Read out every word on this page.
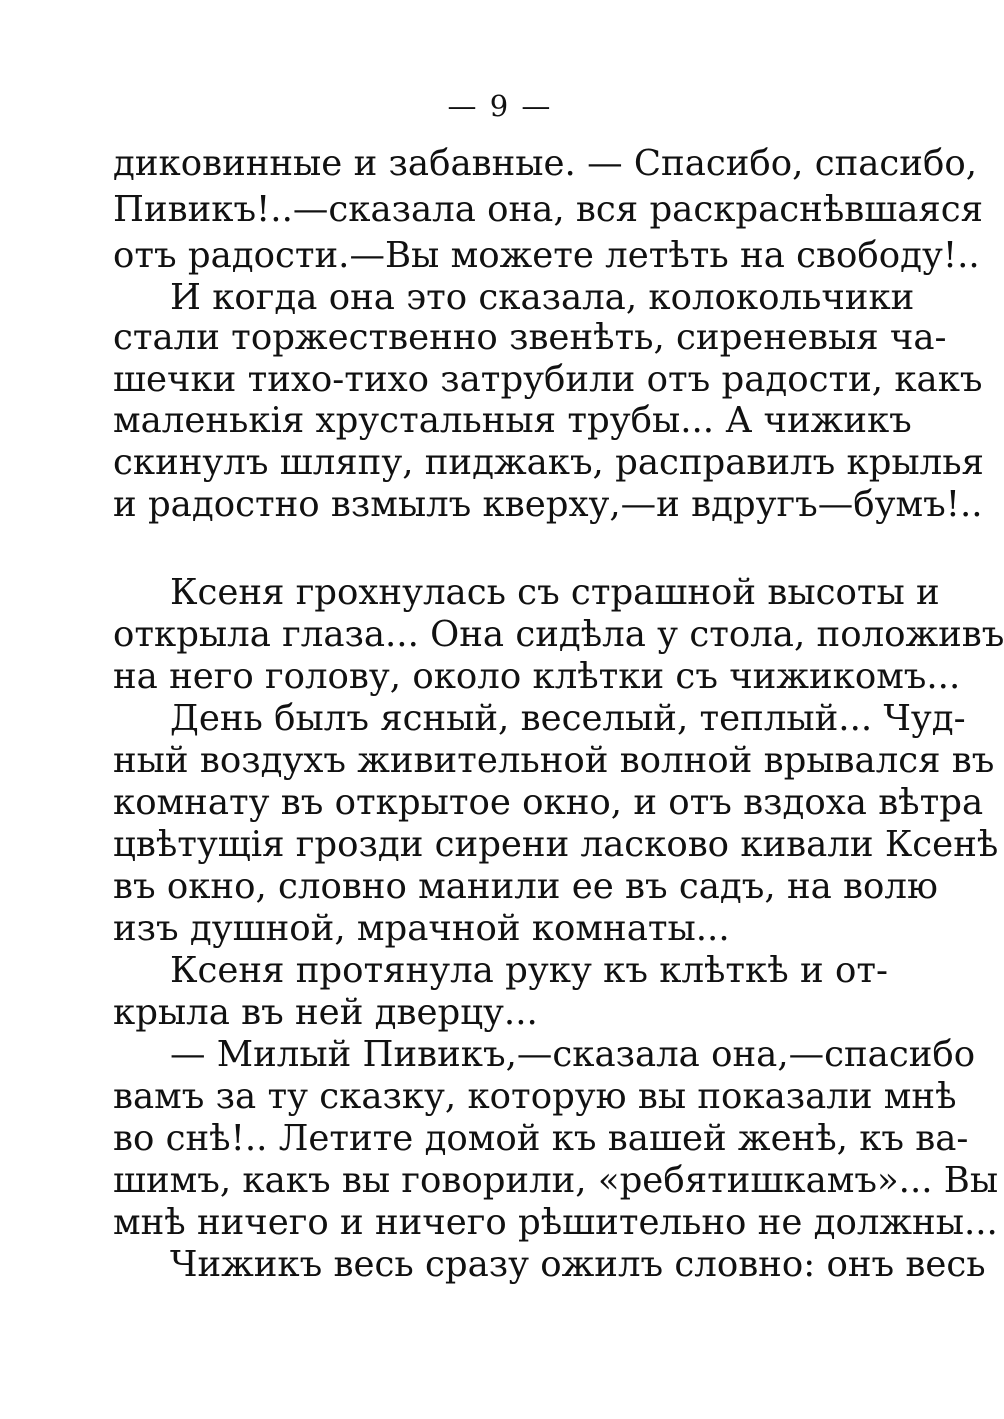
— 9 —
диковинные и забавные. — Спасибо, спасибо,
Пивикъ!..—сказала она, вся раскраснѣвшаяся
отъ радости.—Вы можете летѣть на свободу!..
И когда она это сказала, колокольчики
стали торжественно звенѣть, сиреневыя ча-
шечки тихо-тихо затрубили отъ радости, какъ
маленькія хрустальныя трубы... А чижикъ
скинулъ шляпу, пиджакъ, расправилъ крылья
и радостно взмылъ кверху,—и вдругъ—бумъ!..
Ксеня грохнулась съ страшной высоты и
открыла глаза... Она сидѣла у стола, положивъ
на него голову, около клѣтки съ чижикомъ...
День былъ ясный, веселый, теплый... Чуд-
ный воздухъ живительной волной врывался въ
комнату въ открытое окно, и отъ вздоха вѣтра
цвѣтущія грозди сирени ласково кивали Ксенѣ
въ окно, словно манили ее въ садъ, на волю
изъ душной, мрачной комнаты...
Ксеня протянула руку къ клѣткѣ и от-
крыла въ ней дверцу...
— Милый Пивикъ,—сказала она,—спасибо
вамъ за ту сказку, которую вы показали мнѣ
во снѣ!.. Летите домой къ вашей женѣ, къ ва-
шимъ, какъ вы говорили, «ребятишкамъ»... Вы
мнѣ ничего и ничего рѣшительно не должны...
Чижикъ весь сразу ожилъ словно: онъ весь
